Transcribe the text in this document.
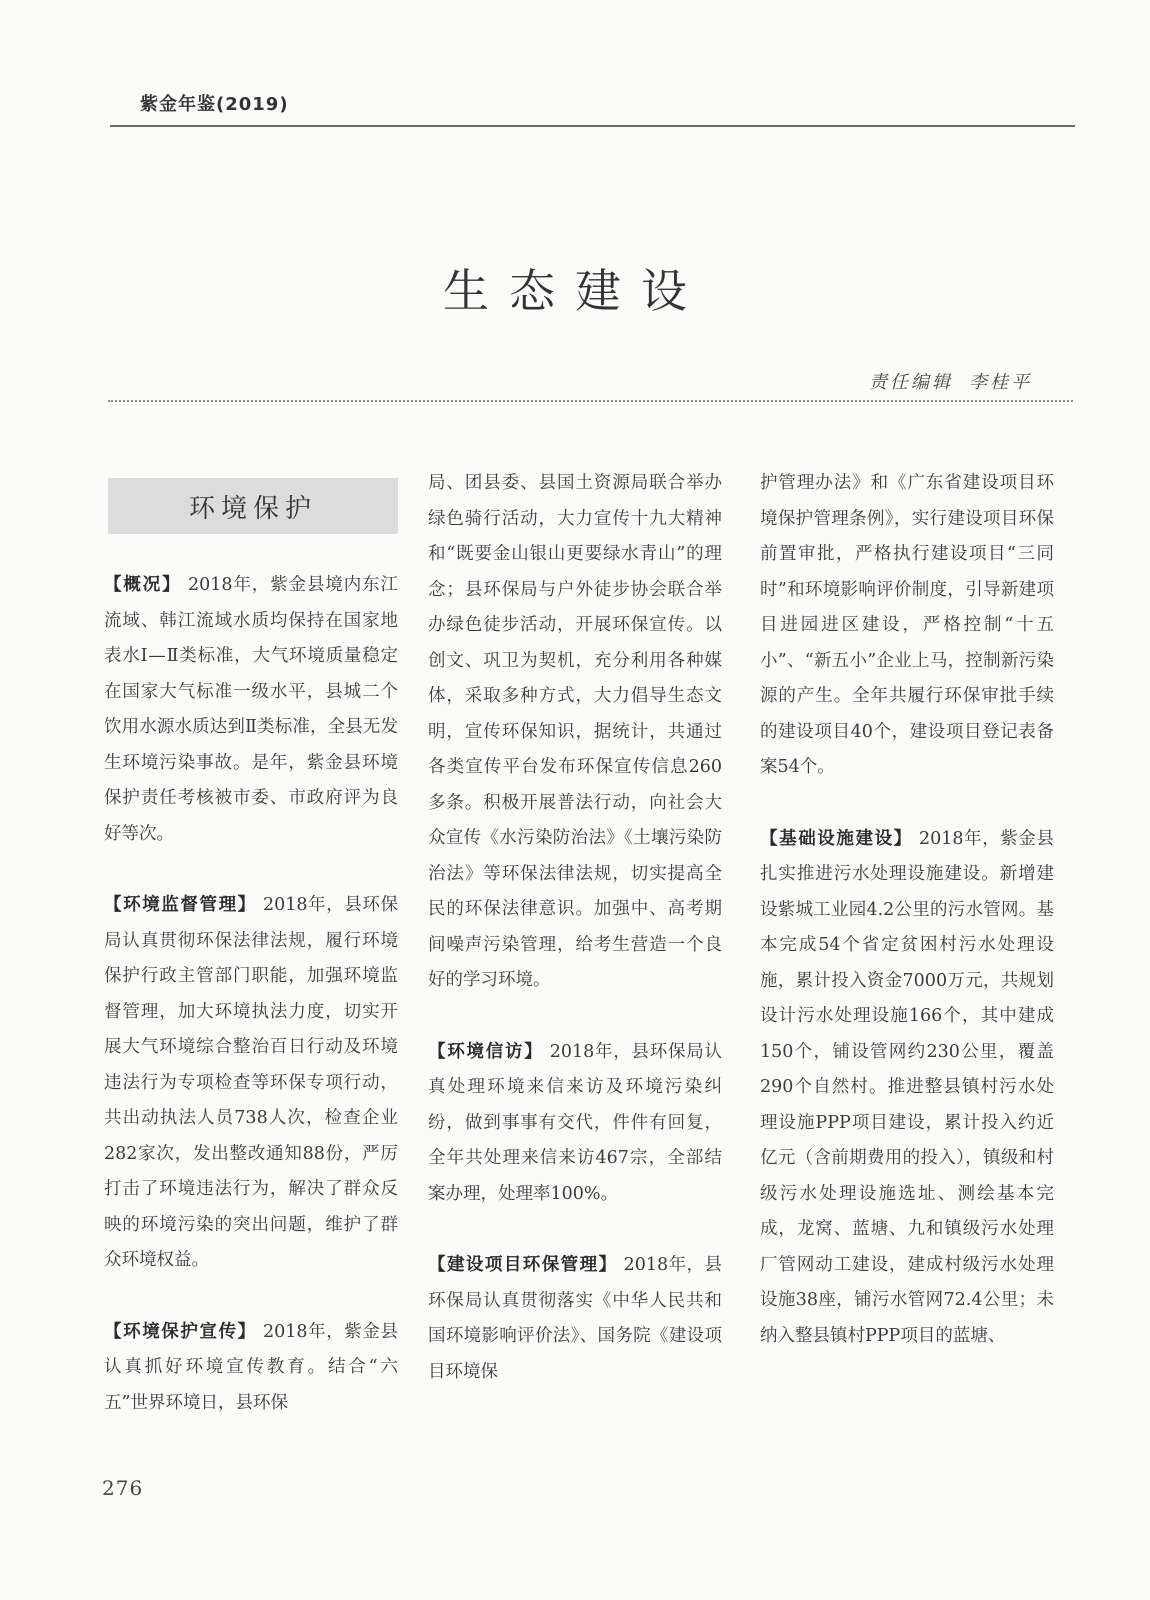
紫金年鉴(2019)
生态建设
责任编辑 李桂平
环境保护

【概况】 2018年，紫金县境内东江流域、韩江流域水质均保持在国家地表水Ⅰ—Ⅱ类标准，大气环境质量稳定在国家大气标准一级水平，县城二个饮用水源水质达到Ⅱ类标准，全县无发生环境污染事故。是年，紫金县环境保护责任考核被市委、市政府评为良好等次。

【环境监督管理】 2018年，县环保局认真贯彻环保法律法规，履行环境保护行政主管部门职能，加强环境监督管理，加大环境执法力度，切实开展大气环境综合整治百日行动及环境违法行为专项检查等环保专项行动，共出动执法人员738人次，检查企业282家次，发出整改通知88份，严厉打击了环境违法行为，解决了群众反映的环境污染的突出问题，维护了群众环境权益。

【环境保护宣传】 2018年，紫金县认真抓好环境宣传教育。结合“六五”世界环境日，县环保

局、团县委、县国土资源局联合举办绿色骑行活动，大力宣传十九大精神和“既要金山银山更要绿水青山”的理念；县环保局与户外徒步协会联合举办绿色徒步活动，开展环保宣传。以创文、巩卫为契机，充分利用各种媒体，采取多种方式，大力倡导生态文明，宣传环保知识，据统计，共通过各类宣传平台发布环保宣传信息260多条。积极开展普法行动，向社会大众宣传《水污染防治法》《土壤污染防治法》等环保法律法规，切实提高全民的环保法律意识。加强中、高考期间噪声污染管理，给考生营造一个良好的学习环境。

【环境信访】 2018年，县环保局认真处理环境来信来访及环境污染纠纷，做到事事有交代，件件有回复，全年共处理来信来访467宗，全部结案办理，处理率100%。

【建设项目环保管理】 2018年，县环保局认真贯彻落实《中华人民共和国环境影响评价法》、国务院《建设项目环境保

护管理办法》和《广东省建设项目环境保护管理条例》，实行建设项目环保前置审批，严格执行建设项目“三同时”和环境影响评价制度，引导新建项目进园进区建设，严格控制“十五小”、“新五小”企业上马，控制新污染源的产生。全年共履行环保审批手续的建设项目40个，建设项目登记表备案54个。

【基础设施建设】 2018年，紫金县扎实推进污水处理设施建设。新增建设紫城工业园4.2公里的污水管网。基本完成54个省定贫困村污水处理设施，累计投入资金7000万元，共规划设计污水处理设施166个，其中建成150个，铺设管网约230公里，覆盖290个自然村。推进整县镇村污水处理设施PPP项目建设，累计投入约近亿元（含前期费用的投入），镇级和村级污水处理设施选址、测绘基本完成，龙窝、蓝塘、九和镇级污水处理厂管网动工建设，建成村级污水处理设施38座，铺污水管网72.4公里；未纳入整县镇村PPP项目的蓝塘、

276
